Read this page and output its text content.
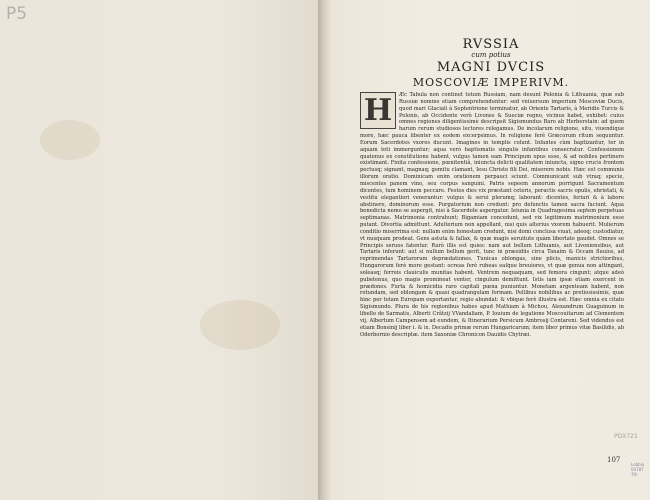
P5
RVSSIA
cum potius
MAGNI DVCIS
MOSCOVIÆ IMPERIVM.
H	Æc Tabula non continet totum Russiam, nam desunt Polonia & Lithuania, quæ sub Russiæ nomine etiam comprehenduntur: sed vniuersum imperium Moscoviæ Ducis, quod mari Glaciali à Septentrione terminatur, ab Oriente Tartaris, à Meridie Turcis & Polonis, ab Occidente verò Livones & Sueciæ regno, vicinus habet, exhibet: cuius omnes regiones diligentissimè descripsit Sigismundus Baro ab Herberstain: ad quem harum rerum studiosos lectores relegamus. De incolarum religione, situ, viuendique more, hæc pauca libenter ex eodem excerpsimus. In religione ferè Græcorum ritum sequuntur. Eorum Sacerdotes vxores ducunt. Imagines in templis colunt. Infantes cùm baptizantur, ter in aquam toti immerguntur; aqua verò baptismatis singulis infantibus consecratur. Confessionem quatenus ex constitutione habent, vulgus tamen eam Principum opus esse, & ad nobiles pertinere existimant. Finita confessione, pœnitentiâ, iniuncta delicti qualitatem iniuncta, signo crucis frontem pectusq; signant, magnaq; gemitu clamant, Iesu Christe fili Dei, miserere nobis. Hæc est communis illorum oratio. Dominicam enim orationem perpauci sciunt. Communicant sub vtraq; specie, miscentes panem vino, seu corpus sanguini. Patris sepeem annorum porrigunt Sacramentum dicentes, tum hominem peccare. Festos dies vix præstant ceteris, peractis sacris opulis, ebrietati, & vestitu elegantiori venerantur: vulgus & serui plerumq; laborant: dicentes, feriari & à labore abstinere, dominorum esse. Purgatorium non credunt: pro defunctis tamen sacra faciunt. Aqua benedicta nemo se aspergit, nisi à Sacerdote aspergatur. Ieiunia in Quadragesima septem perpetuas septimanas. Matrimonia contrahunt; Bigamiam concedunt, sed vix legitimum matrimonium esse putant. Divortia admittunt. Adulterium non appellant, nisi quis alterius vxorem habuerit. Mulierum conditio miserrima est: nullam enim honestam credunt, nisi domi conclusa viuat, adeoq; custodiatur, vt nusquam prodeat. Gens astuta & fallax, & quæ magis seruitute quàm libertate gaudet. Omnes se Principis seruos fatentur. Rarò illis est quies: nam aut bellum Lithuanis, aut Livoniensibus, aut Tartaris inferunt: aut si nullum bellum gerit, tunc in præsidiis circa Tanaim & Occam fluuios, ad reprimendas Tartarorum deprædationes. Tunicas oblongas, sine plicis, manicis strictioribus, Hungarorum ferè more gestant: ocreas ferè rubeas eaſque breuiores, vt quæ genua non attingant, soleasq; ferreis clauiculis munitas habent. Ventrem nequaquam, sed femora cingunt; atque adeò pubetenus, quo magis promineat venter, cingulum demittunt. Istis iam ipsæ etiam exercent in prædones. Furta & homicidia raro capitali pœna puniuntur. Monetam argenteam habent, non rotundam, sed oblongam & quasi quadrangulam formam. Pellibus nobilibus ac pretiosissimis, quæ hinc per totam Europam exportantur, regio abundat: & vbique ferè illustra est. Hæc omnia ex citato Sigismundo. Plura de his regionibus habes apud Mathiam à Michou, Alexandrum Guaguinum in libello de Sarmatis, Alberti Crãtzij VVandaliam, P. Iouium de legatione Moscouitarum ad Clementem vij. Albertum Campensem ad eundem, & Itinerarium Persicum Ambrosij Contareni. Sed videndus est etiam Bonsinij liber i. & ix. Decadis primæ rerum Hungaricarum; item liber primus vitæ Basilidis, ab Oderbornio descriptæ. item Saxoniæ Chronicon Dauidis Chytræi.
107
PDX721
Lobbia 00787 70r
